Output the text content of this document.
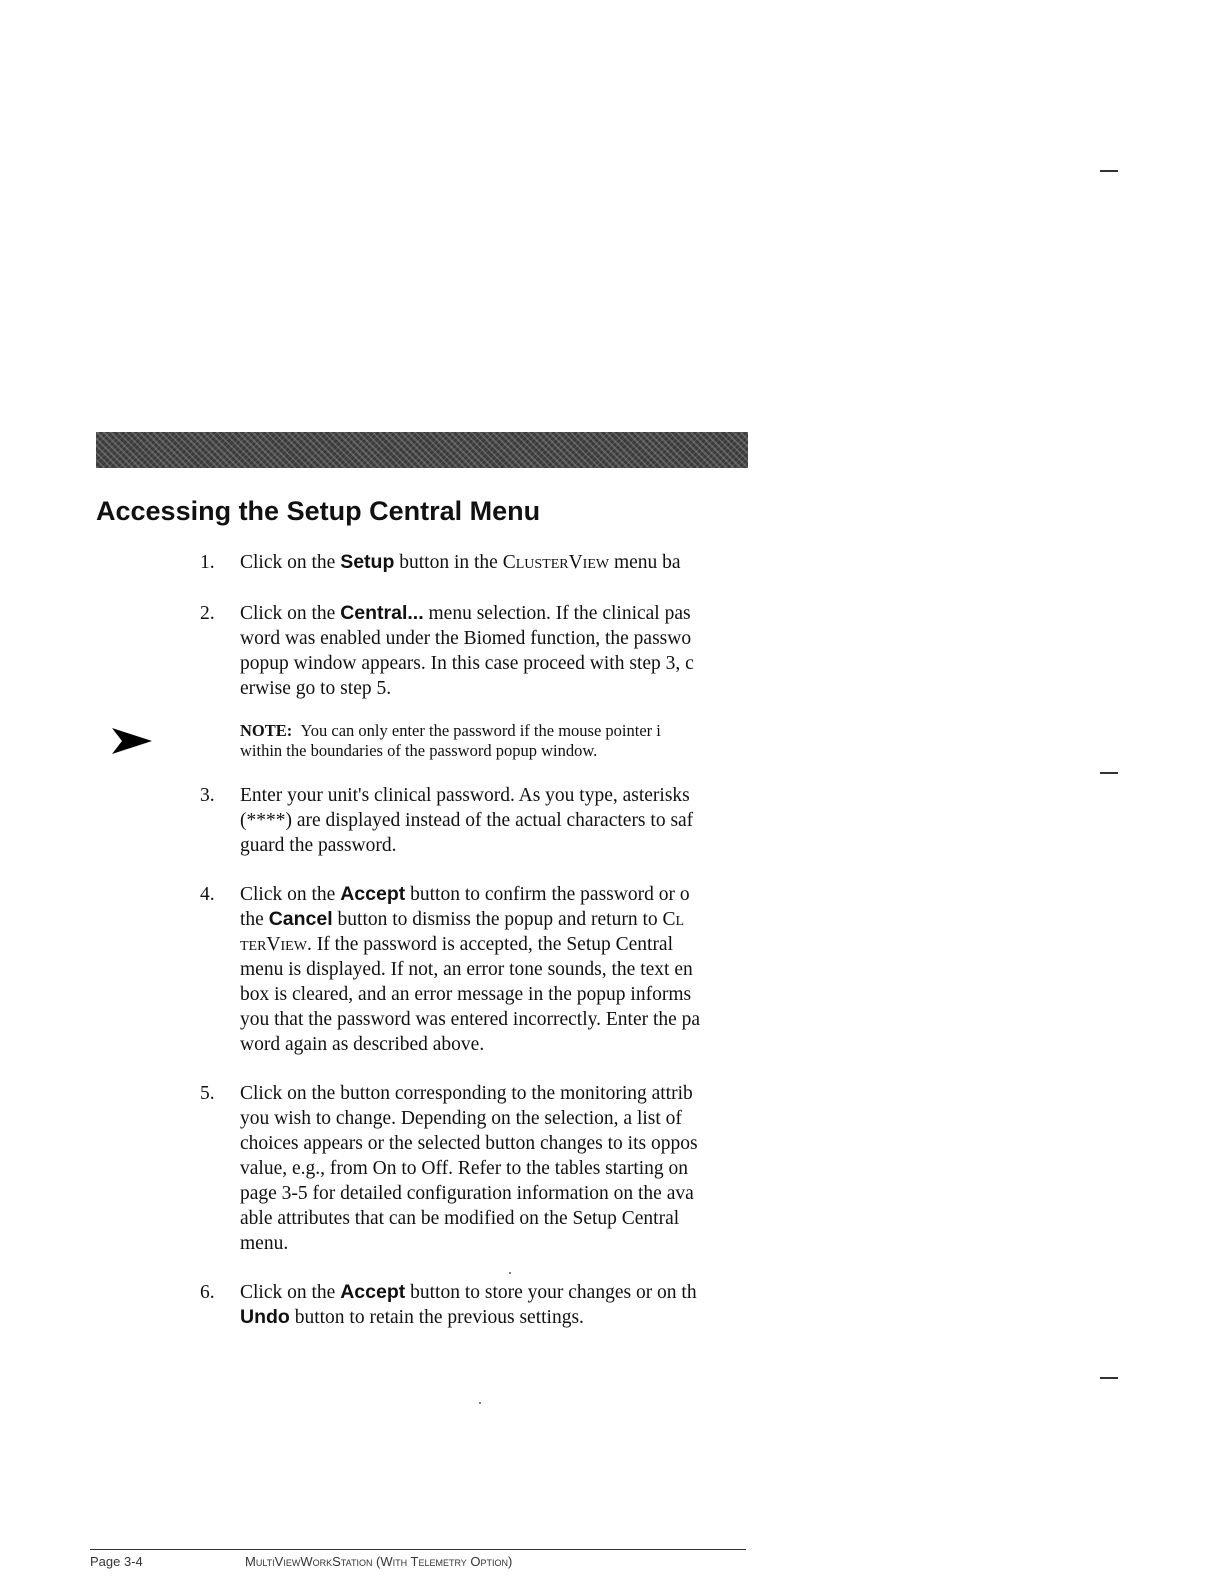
Accessing the Setup Central Menu
1.	Click on the Setup button in the ClusterView menu ba
2.	Click on the Central... menu selection. If the clinical pas
word was enabled under the Biomed function, the passwo
popup window appears. In this case proceed with step 3, c
erwise go to step 5.
NOTE: You can only enter the password if the mouse pointer i
within the boundaries of the password popup window.
3.	Enter your unit's clinical password. As you type, asterisks
(****) are displayed instead of the actual characters to saf
guard the password.
4.	Click on the Accept button to confirm the password or o
the Cancel button to dismiss the popup and return to Cl
terView. If the password is accepted, the Setup Central
menu is displayed. If not, an error tone sounds, the text en
box is cleared, and an error message in the popup informs
you that the password was entered incorrectly. Enter the pa
word again as described above.
5.	Click on the button corresponding to the monitoring attrib
you wish to change. Depending on the selection, a list of
choices appears or the selected button changes to its oppos
value, e.g., from On to Off. Refer to the tables starting on
page 3-5 for detailed configuration information on the ava
able attributes that can be modified on the Setup Central
menu.
6.	Click on the Accept button to store your changes or on th
Undo button to retain the previous settings.
Page 3-4	MultiViewWorkStation (With Telemetry Option)
